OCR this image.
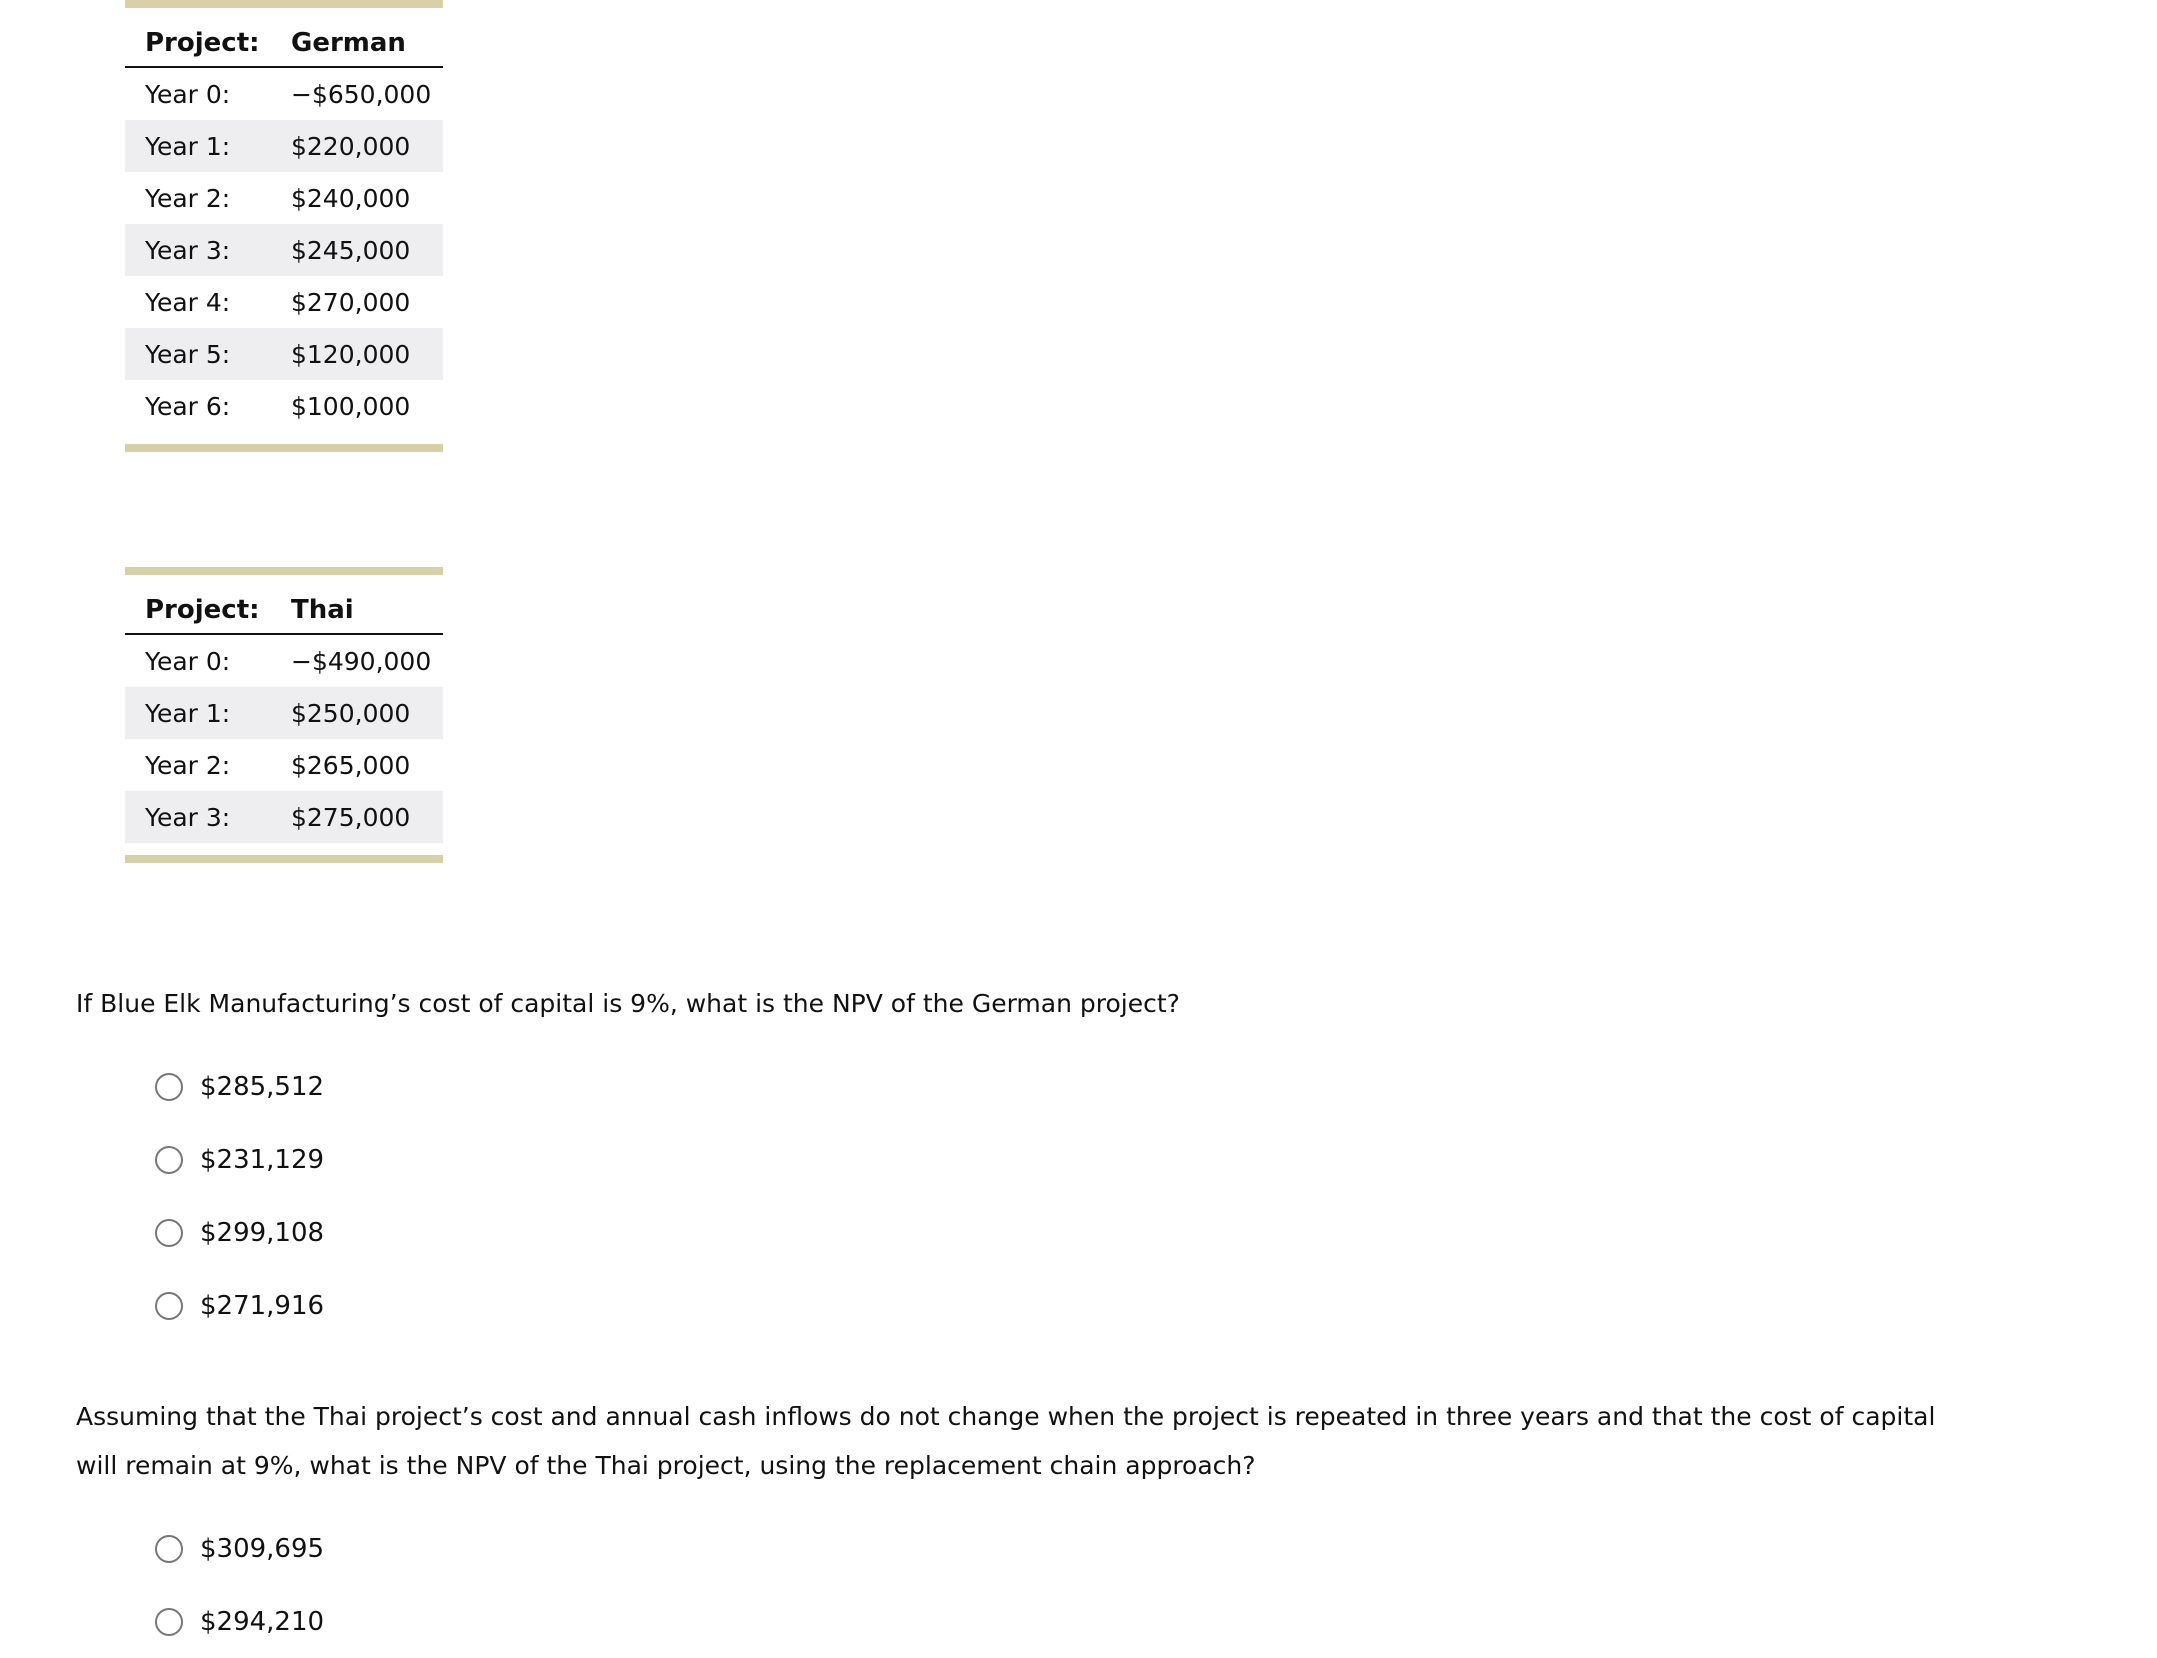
Project:	German
Year 0:	−$650,000
Year 1:	$220,000
Year 2:	$240,000
Year 3:	$245,000
Year 4:	$270,000
Year 5:	$120,000
Year 6:	$100,000

Project:	Thai
Year 0:	−$490,000
Year 1:	$250,000
Year 2:	$265,000
Year 3:	$275,000

If Blue Elk Manufacturing’s cost of capital is 9%, what is the NPV of the German project?
$285,512
$231,129
$299,108
$271,916
Assuming that the Thai project’s cost and annual cash inflows do not change when the project is repeated in three years and that the cost of capital will remain at 9%, what is the NPV of the Thai project, using the replacement chain approach?
$309,695
$294,210
